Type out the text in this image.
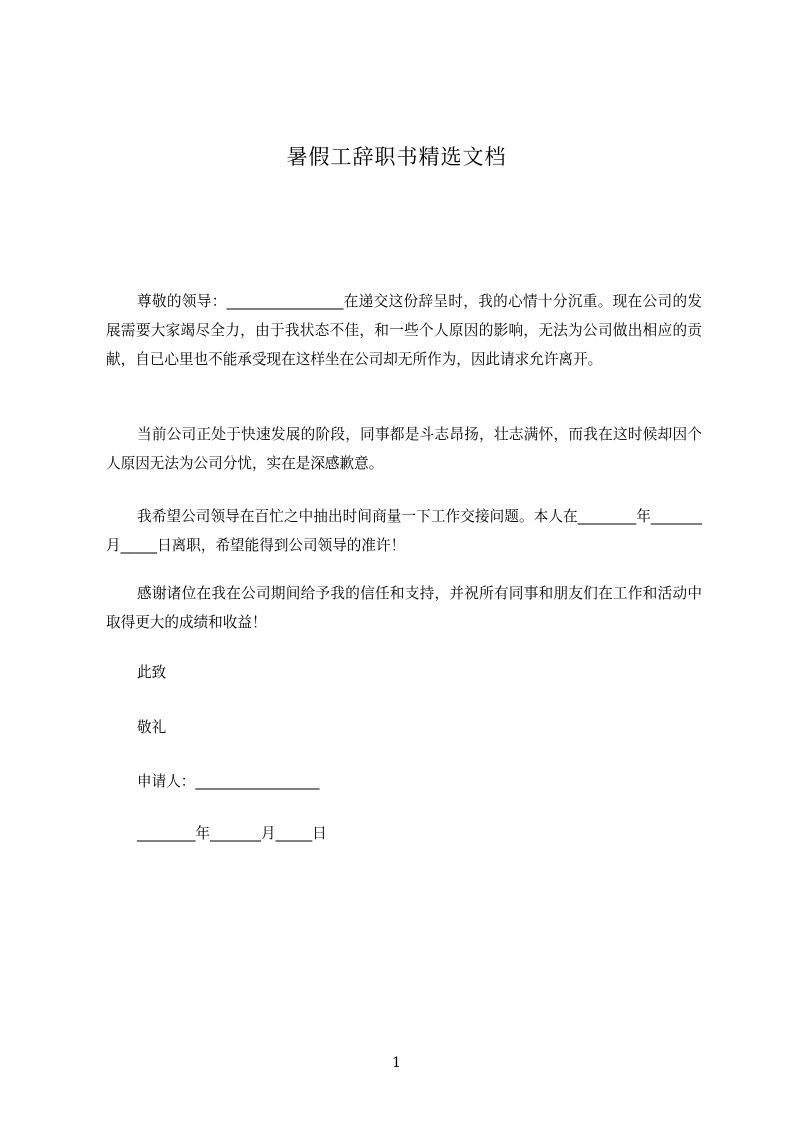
暑假工辞职书精选文档

尊敬的领导：________________在递交这份辞呈时，我的心情十分沉重。现在公司的发展需要大家竭尽全力，由于我状态不佳，和一些个人原因的影响，无法为公司做出相应的贡献，自已心里也不能承受现在这样坐在公司却无所作为，因此请求允许离开。

当前公司正处于快速发展的阶段，同事都是斗志昂扬，壮志满怀，而我在这时候却因个人原因无法为公司分忧，实在是深感歉意。

我希望公司领导在百忙之中抽出时间商量一下工作交接问题。本人在________年_______月_____日离职，希望能得到公司领导的准许！

感谢诸位在我在公司期间给予我的信任和支持，并祝所有同事和朋友们在工作和活动中取得更大的成绩和收益！

此致
敬礼
申请人：_________________
________年_______月_____日
1
